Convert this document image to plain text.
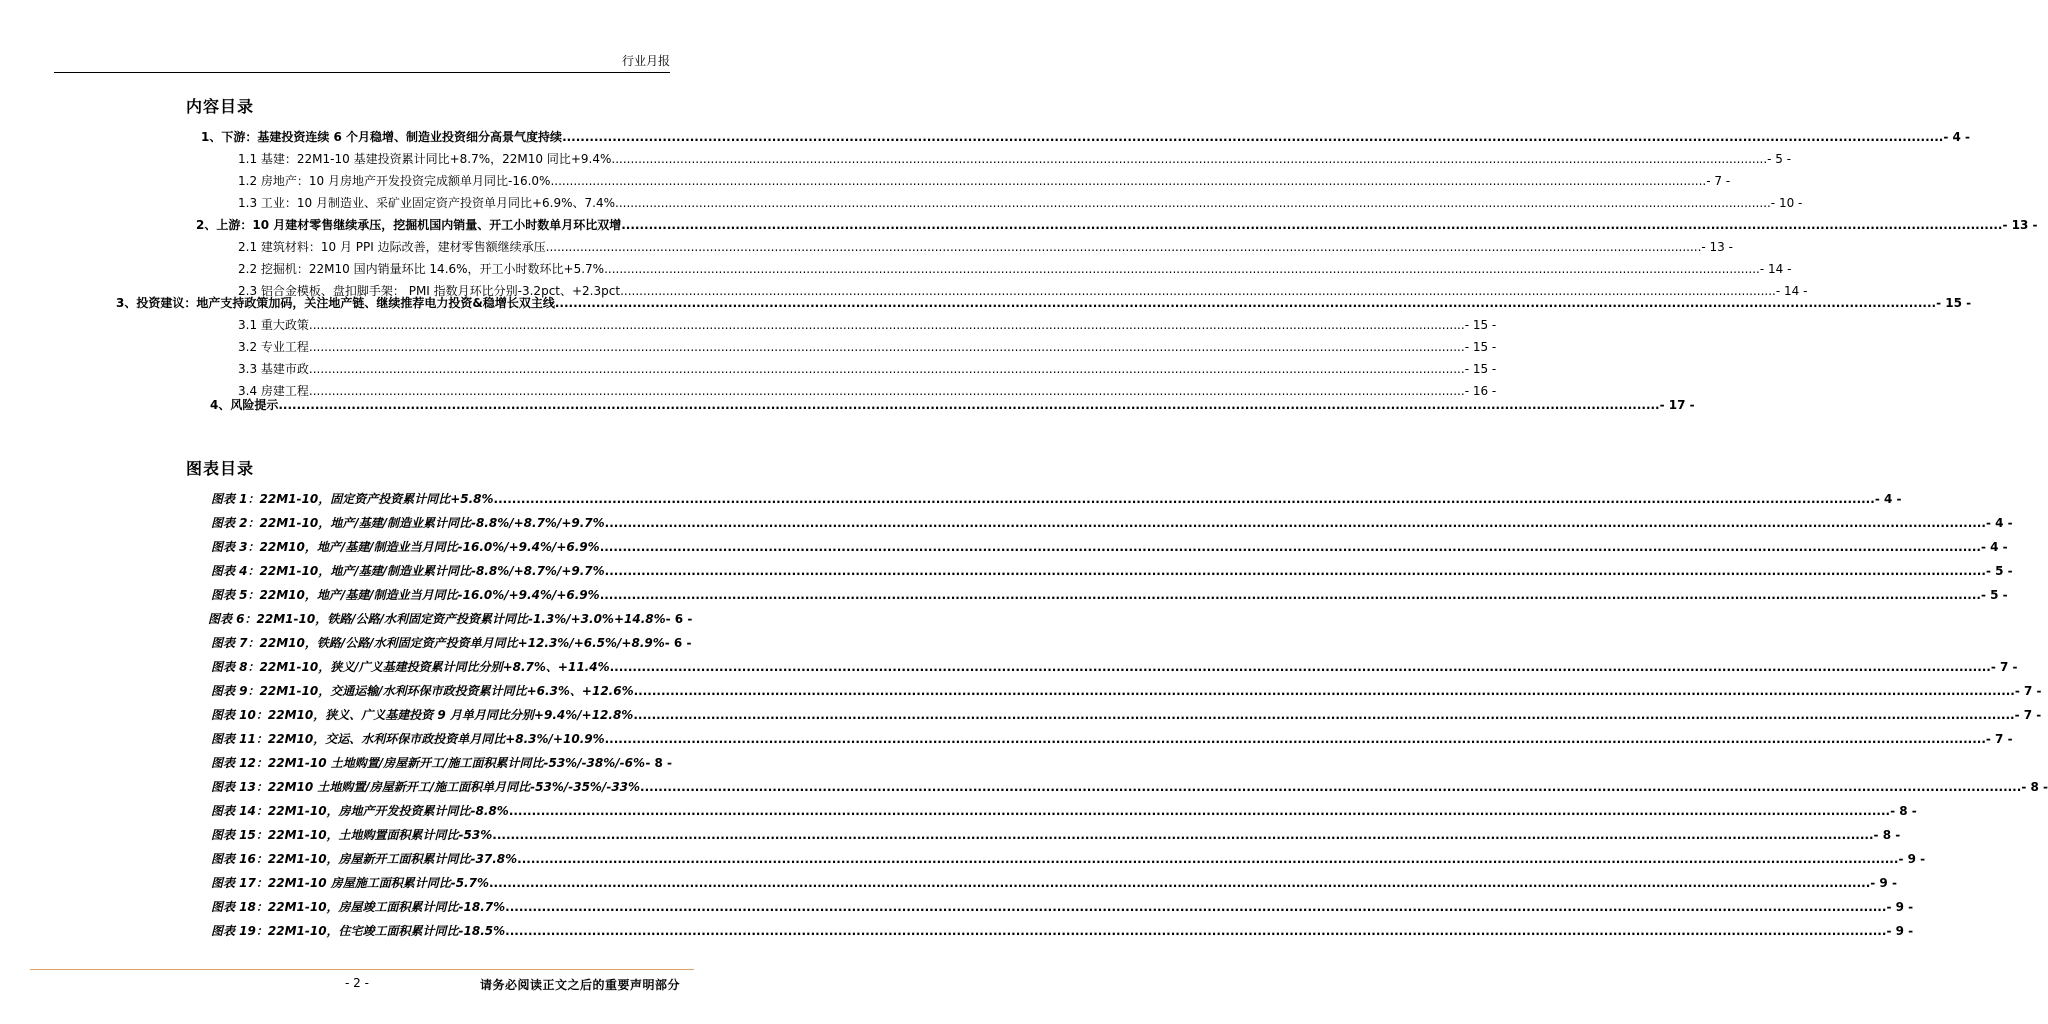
行业月报
内容目录
1、下游：基建投资连续 6 个月稳增、制造业投资细分高景气度持续 .....	- 4 -
1.1 基建：22M1-10 基建投资累计同比+8.7%，22M10 同比+9.4% .....	- 5 -
1.2 房地产：10 月房地产开发投资完成额单月同比-16.0% .....	- 7 -
1.3 工业：10 月制造业、采矿业固定资产投资单月同比+6.9%、7.4% .....	- 10 -
2、上游：10 月建材零售继续承压，挖掘机国内销量、开工小时数单月环比双增 .....	- 13 -
2.1 建筑材料：10 月 PPI 边际改善，建材零售额继续承压 .....	- 13 -
2.2 挖掘机：22M10 国内销量环比 14.6%，开工小时数环比+5.7% .....	- 14 -
2.3 铝合金模板、盘扣脚手架： PMI 指数月环比分别-3.2pct、+2.3pct .....	- 14 -
3、投资建议：地产支持政策加码，关注地产链、继续推荐电力投资&稳增长双主线 .....	- 15 -
3.1 重大政策 .....	- 15 -
3.2 专业工程 .....	- 15 -
3.3 基建市政 .....	- 15 -
3.4 房建工程 .....	- 16 -
4、风险提示 .....	- 17 -
图表目录
图表 1：22M1-10，固定资产投资累计同比+5.8% .....	- 4 -
图表 2：22M1-10，地产/基建/制造业累计同比-8.8%/+8.7%/+9.7% .....	- 4 -
图表 3：22M10，地产/基建/制造业当月同比-16.0%/+9.4%/+6.9% .....	- 4 -
图表 4：22M1-10，地产/基建/制造业累计同比-8.8%/+8.7%/+9.7% .....	- 5 -
图表 5：22M10，地产/基建/制造业当月同比-16.0%/+9.4%/+6.9% .....	- 5 -
图表 6：22M1-10，铁路/公路/水利固定资产投资累计同比-1.3%/+3.0%+14.8% - 6 -
图表 7：22M10，铁路/公路/水利固定资产投资单月同比+12.3%/+6.5%/+8.9% - 6 -
图表 8：22M1-10，狭义/广义基建投资累计同比分别+8.7%、+11.4% .....	- 7 -
图表 9：22M1-10，交通运输/水利环保市政投资累计同比+6.3%、+12.6% .....	- 7 -
图表 10：22M10，狭义、广义基建投资 9 月单月同比分别+9.4%/+12.8% .....	- 7 -
图表 11：22M10，交运、水利环保市政投资单月同比+8.3%/+10.9% .....	- 7 -
图表 12：22M1-10 土地购置/房屋新开工/施工面积累计同比-53%/-38%/-6% ..... - 8 -
图表 13：22M10 土地购置/房屋新开工/施工面积单月同比-53%/-35%/-33% .....	- 8 -
图表 14：22M1-10，房地产开发投资累计同比-8.8% .....	- 8 -
图表 15：22M1-10，土地购置面积累计同比-53% .....	- 8 -
图表 16：22M1-10，房屋新开工面积累计同比-37.8% .....	- 9 -
图表 17：22M1-10 房屋施工面积累计同比-5.7% .....	- 9 -
图表 18：22M1-10，房屋竣工面积累计同比-18.7% .....	- 9 -
图表 19：22M1-10，住宅竣工面积累计同比-18.5% .....	- 9 -
- 2 -	请务必阅读正文之后的重要声明部分
